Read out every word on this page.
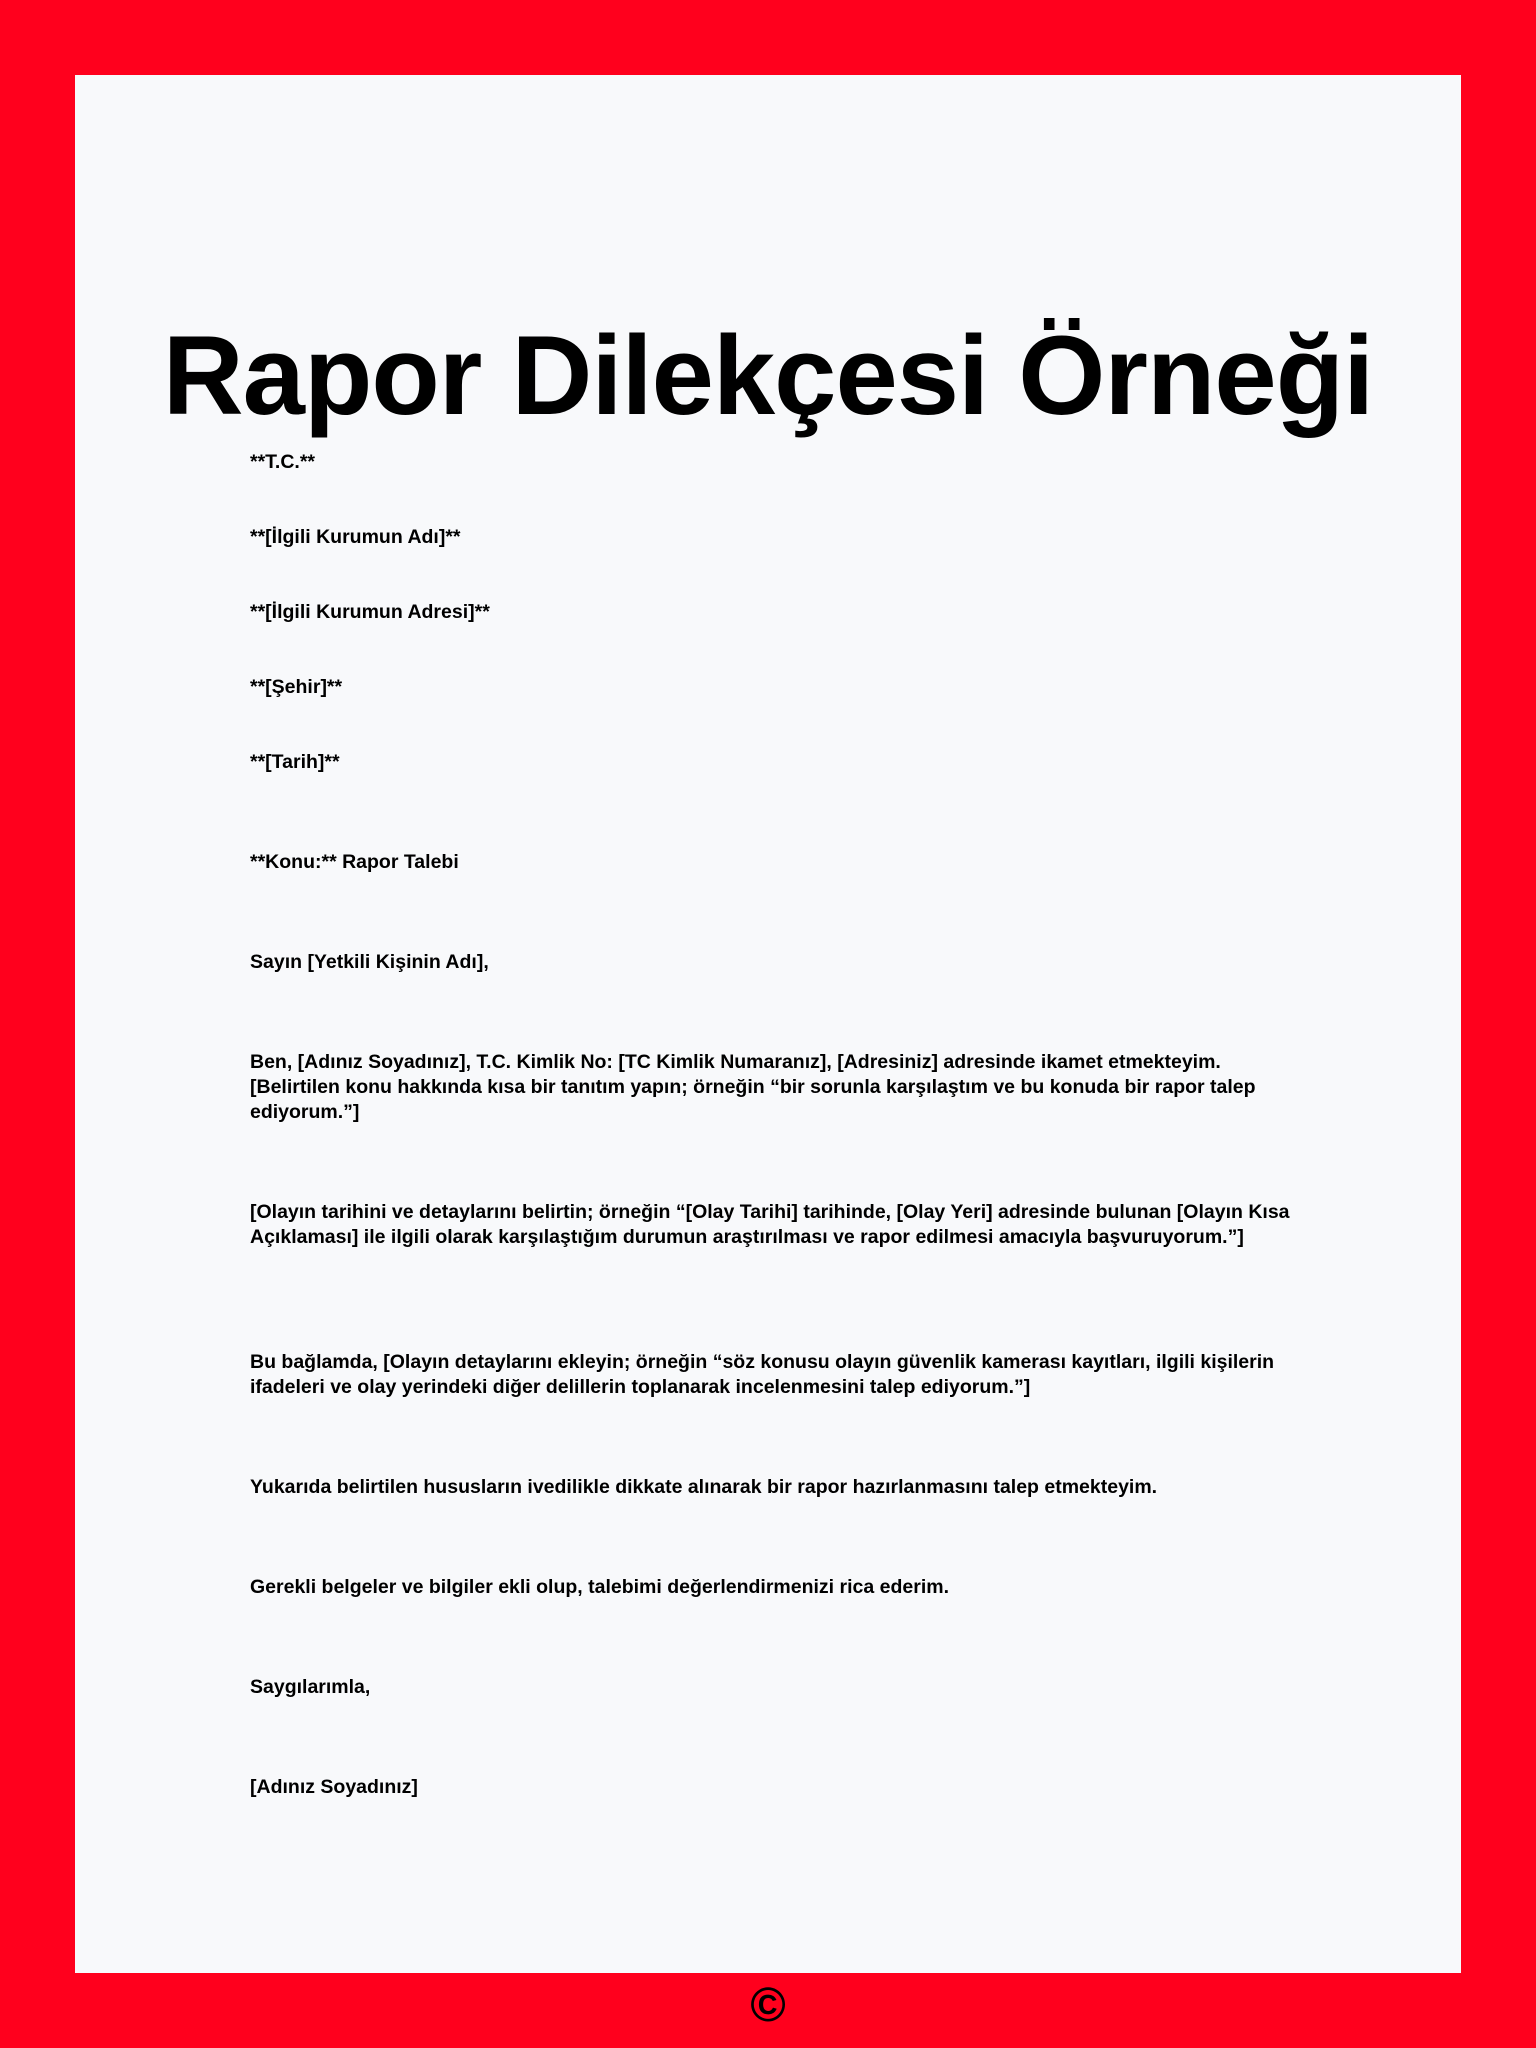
Rapor Dilekçesi Örneği

**T.C.**

**[İlgili Kurumun Adı]**

**[İlgili Kurumun Adresi]**

**[Şehir]**

**[Tarih]**

**Konu:** Rapor Talebi

Sayın [Yetkili Kişinin Adı],

Ben, [Adınız Soyadınız], T.C. Kimlik No: [TC Kimlik Numaranız], [Adresiniz] adresinde ikamet etmekteyim. [Belirtilen konu hakkında kısa bir tanıtım yapın; örneğin “bir sorunla karşılaştım ve bu konuda bir rapor talep ediyorum.”]

[Olayın tarihini ve detaylarını belirtin; örneğin “[Olay Tarihi] tarihinde, [Olay Yeri] adresinde bulunan [Olayın Kısa Açıklaması] ile ilgili olarak karşılaştığım durumun araştırılması ve rapor edilmesi amacıyla başvuruyorum.”]

Bu bağlamda, [Olayın detaylarını ekleyin; örneğin “söz konusu olayın güvenlik kamerası kayıtları, ilgili kişilerin ifadeleri ve olay yerindeki diğer delillerin toplanarak incelenmesini talep ediyorum.”]

Yukarıda belirtilen hususların ivedilikle dikkate alınarak bir rapor hazırlanmasını talep etmekteyim.

Gerekli belgeler ve bilgiler ekli olup, talebimi değerlendirmenizi rica ederim.

Saygılarımla,

[Adınız Soyadınız]

©
